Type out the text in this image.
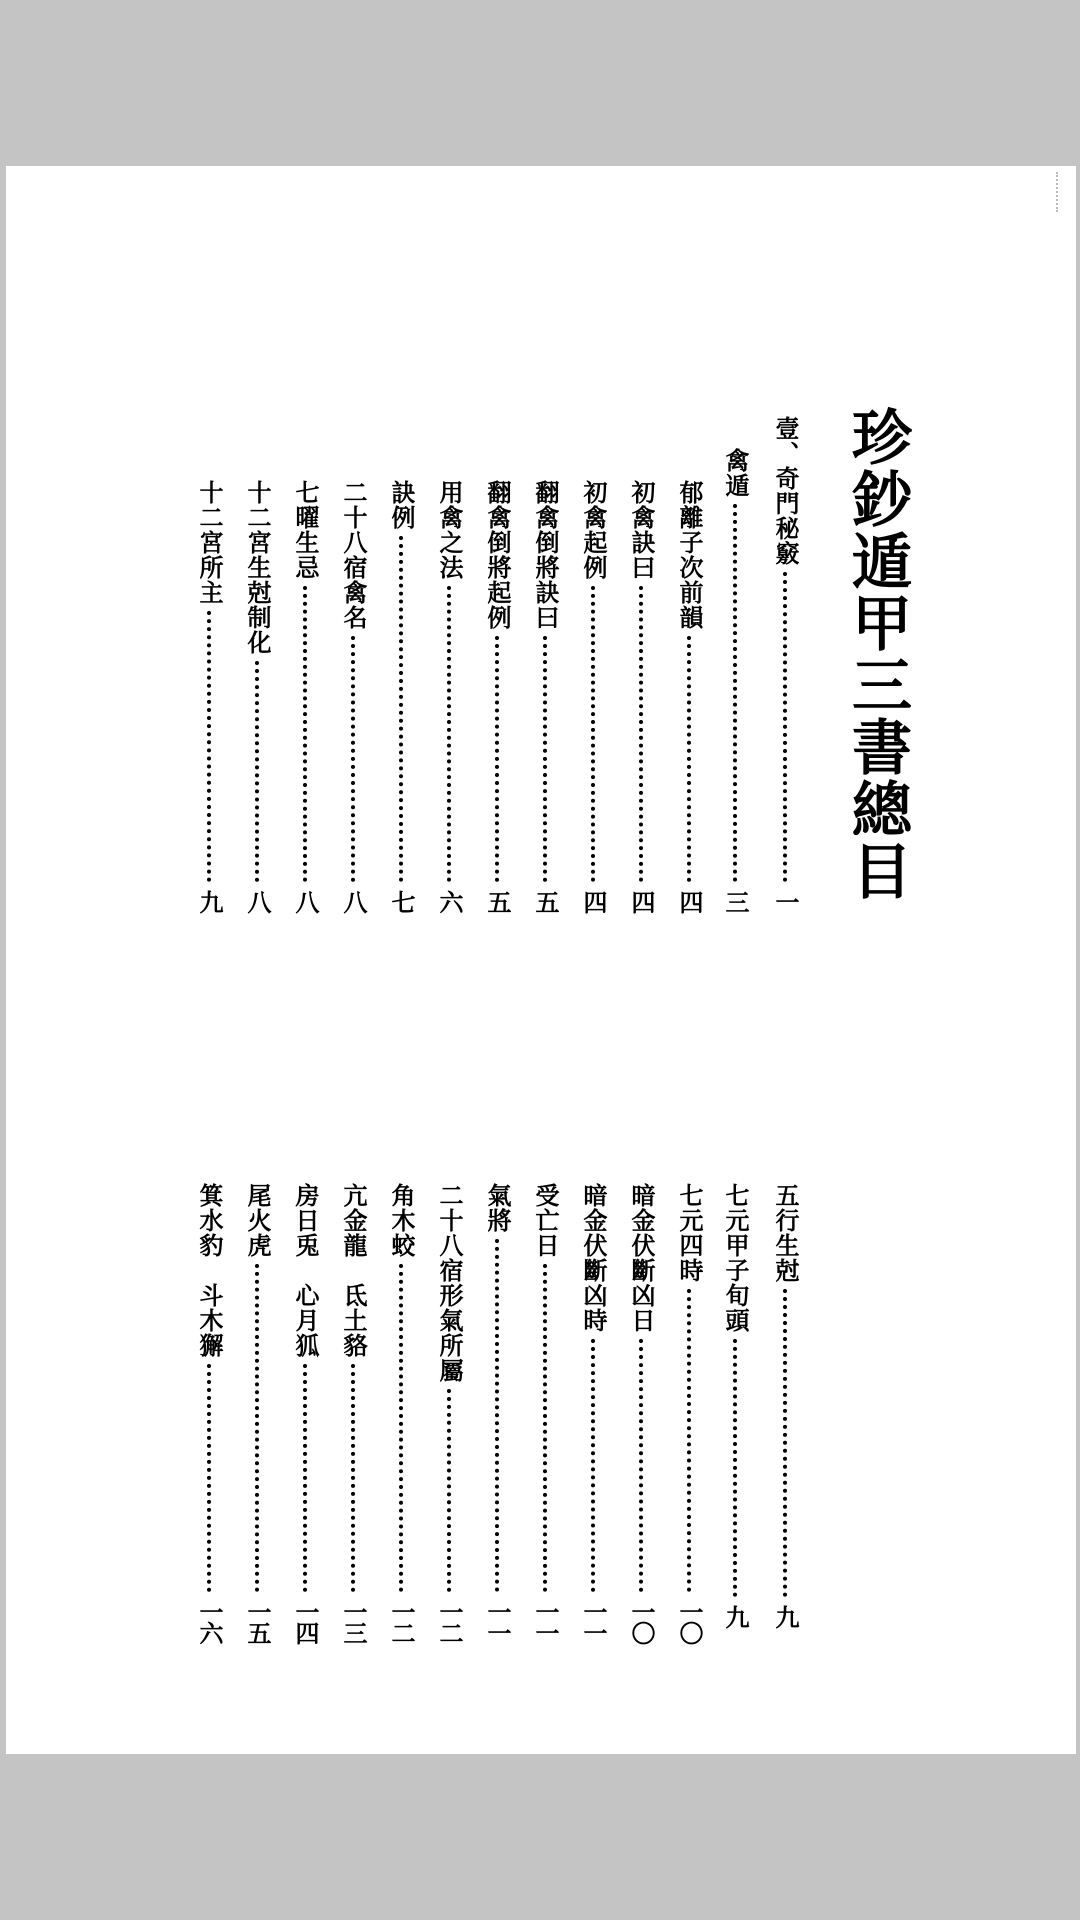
珍鈔遁甲三書總目
壹、奇門秘竅
一
禽遁
三
郁離子次前韻
四
初禽訣曰
四
初禽起例
四
翻禽倒將訣曰
五
翻禽倒將起例
五
用禽之法
六
訣例
七
二十八宿禽名
八
七曜生忌
八
十二宮生尅制化
八
十二宮所主
九
五行生尅
九
七元甲子旬頭
九
七元四時
一〇
暗金伏斷凶日
一〇
暗金伏斷凶時
一一
受亡日
一一
氣將
一一
二十八宿形氣所屬
一二
角木蛟
一二
亢金龍　氐土貉
一三
房日兎　心月狐
一四
尾火虎
一五
箕水豹　斗木獬
一六
